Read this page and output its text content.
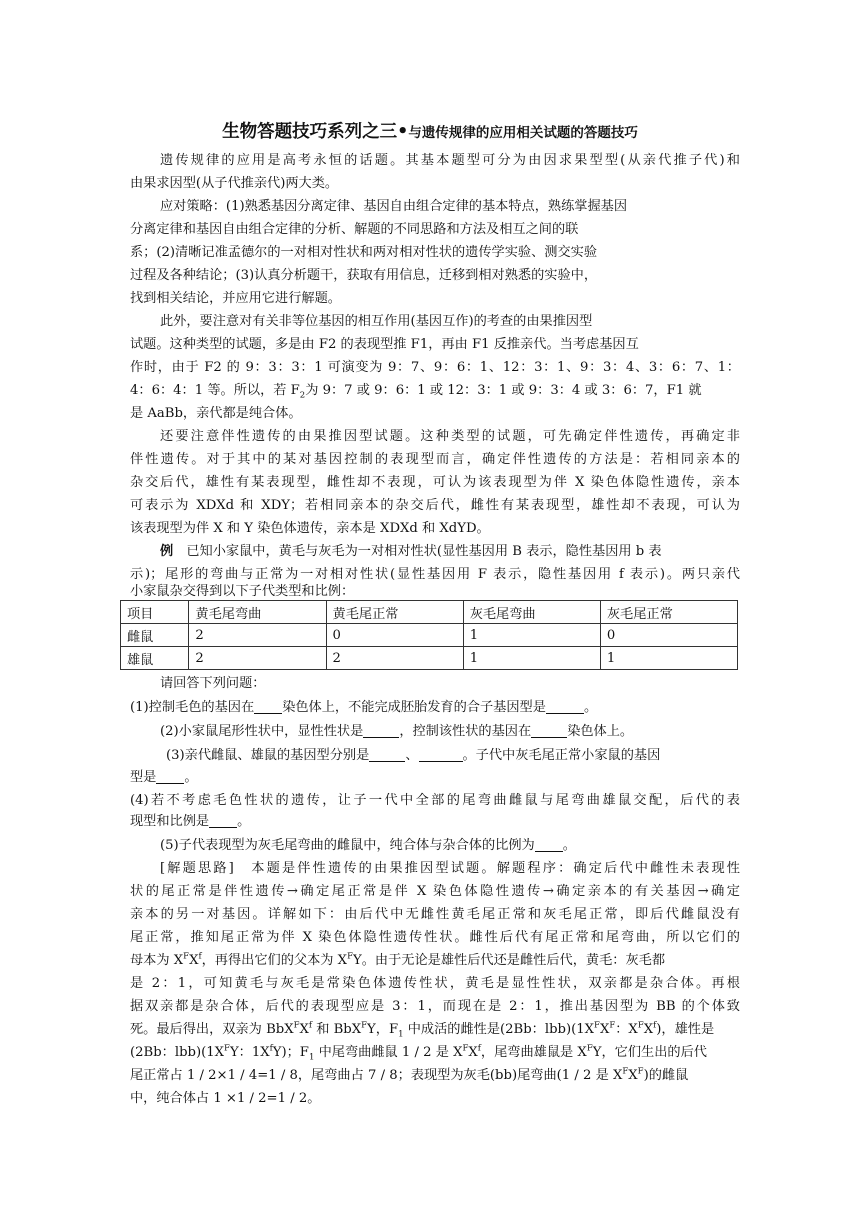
生物答题技巧系列之三•与遗传规律的应用相关试题的答题技巧
遗传规律的应用是高考永恒的话题。其基本题型可分为由因求果型型(从亲代推子代)和
由果求因型(从子代推亲代)两大类。
应对策略：(1)熟悉基因分离定律、基因自由组合定律的基本特点，熟练掌握基因
分离定律和基因自由组合定律的分析、解题的不同思路和方法及相互之间的联
系；(2)清晰记准孟德尔的一对相对性状和两对相对性状的遗传学实验、测交实验
过程及各种结论；(3)认真分析题干，获取有用信息，迁移到相对熟悉的实验中，
找到相关结论，并应用它进行解题。
此外，要注意对有关非等位基因的相互作用(基因互作)的考查的由果推因型
试题。这种类型的试题，多是由 F2 的表现型推 F1，再由 F1 反推亲代。当考虑基因互
作时，由于 F2 的 9：3：3：1 可演变为 9：7、9：6：1、12：3：1、9：3：4、3：6：7、1：
4：6：4：1 等。所以，若 $F_2$为 9：7 或 9：6：1 或 12：3：1 或 9：3：4 或 3：6：7，F1 就
是 AaBb，亲代都是纯合体。
还要注意伴性遗传的由果推因型试题。这种类型的试题，可先确定伴性遗传，再确定非
伴性遗传。对于其中的某对基因控制的表现型而言，确定伴性遗传的方法是：若相同亲本的
杂交后代，雄性有某表现型，雌性却不表现，可认为该表现型为伴 X 染色体隐性遗传，亲本
可表示为 XDXd 和 XDY；若相同亲本的杂交后代，雌性有某表现型，雄性却不表现，可认为
该表现型为伴 X 和 Y 染色体遗传，亲本是 XDXd 和 XdYD。
例　 已知小家鼠中，黄毛与灰毛为一对相对性状(显性基因用 B 表示，隐性基因用 b 表
示)；尾形的弯曲与正常为一对相对性状(显性基因用 F 表示，隐性基因用 f 表示)。两只亲代
小家鼠杂交得到以下子代类型和比例：
项目	黄毛尾弯曲	黄毛尾正常	灰毛尾弯曲	灰毛尾正常
雌鼠	2	0	1	0
雄鼠	2	2	1	1
请回答下列问题：
(1)控制毛色的基因在 染色体上，不能完成胚胎发育的合子基因型是	。
(2)小家鼠尾形性状中，显性性状是	，控制该性状的基因在	染色体上。
(3)亲代雌鼠、雄鼠的基因型分别是	、	。子代中灰毛尾正常小家鼠的基因
型是 。
(4)若不考虑毛色性状的遗传，让子一代中全部的尾弯曲雌鼠与尾弯曲雄鼠交配，后代的表
现型和比例是 。
(5)子代表现型为灰毛尾弯曲的雌鼠中，纯合体与杂合体的比例为 。
[解题思路]　本题是伴性遗传的由果推因型试题。解题程序：确定后代中雌性未表现性
状的尾正常是伴性遗传→确定尾正常是伴 X 染色体隐性遗传→确定亲本的有关基因→确定
亲本的另一对基因。详解如下：由后代中无雌性黄毛尾正常和灰毛尾正常，即后代雌鼠没有
尾正常，推知尾正常为伴 X 染色体隐性遗传性状。雌性后代有尾正常和尾弯曲，所以它们的
母本为 $X^FX^f$，再得出它们的父本为 $X^FY$。由于无论是雄性后代还是雌性后代，黄毛：灰毛都
是 2：1，可知黄毛与灰毛是常染色体遗传性状，黄毛是显性性状，双亲都是杂合体。再根
据双亲都是杂合体，后代的表现型应是 3：1，而现在是 2：1，推出基因型为 BB 的个体致
死。最后得出，双亲为 $BbX^FX^f$ 和 BbX$^F$Y，$F_1$ 中成活的雌性是(2Bb：$lbb)(1X^FX^F$：$X^FX^f$)，雄性是
(2Bb：$lbb)(1X^FY$：$1X^fY$)；$F_1$ 中尾弯曲雌鼠 1 / 2 是 $X^FX^f$，尾弯曲雄鼠是 $X^FY$，它们生出的后代
尾正常占 1 / 2×1 / 4=1 / 8，尾弯曲占 7 / 8；表现型为灰毛(bb)尾弯曲(1 / 2 是 $X^FX^F$)的雌鼠
中，纯合体占 1 ×1 / 2=1 / 2。
